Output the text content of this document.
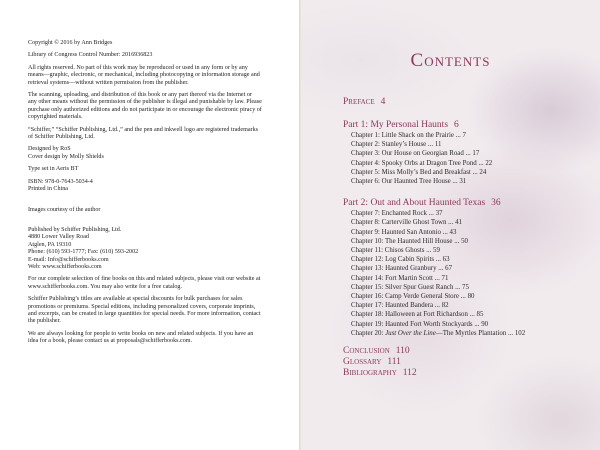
Copyright © 2016 by Ann Bridges

Library of Congress Control Number: 2016936823

All rights reserved. No part of this work may be reproduced or used in any form or by any means—graphic, electronic, or mechanical, including photocopying or information storage and retrieval systems—without written permission from the publisher.

The scanning, uploading, and distribution of this book or any part thereof via the Internet or any other means without the permission of the publisher is illegal and punishable by law. Please purchase only authorized editions and do not participate in or encourage the electronic piracy of copyrighted materials.

“Schiffer,” “Schiffer Publishing, Ltd.,” and the pen and inkwell logo are registered trademarks of Schiffer Publishing, Ltd.

Designed by RoS
Cover design by Molly Shields

Type set in Aeris BT

ISBN: 978-0-7643-5034-4
Printed in China

Images courtesy of the author

Published by Schiffer Publishing, Ltd.
4880 Lower Valley Road
Atglen, PA 19310
Phone: (610) 593-1777; Fax: (610) 593-2002
E-mail: Info@schifferbooks.com
Web: www.schifferbooks.com

For our complete selection of fine books on this and related subjects, please visit our website at www.schifferbooks.com. You may also write for a free catalog.

Schiffer Publishing’s titles are available at special discounts for bulk purchases for sales promotions or premiums. Special editions, including personalized covers, corporate imprints, and excerpts, can be created in large quantities for special needs. For more information, contact the publisher.

We are always looking for people to write books on new and related subjects. If you have an idea for a book, please contact us at proposals@schifferbooks.com.

Contents
Preface 4
Part 1: My Personal Haunts 6
Chapter 1: Little Shack on the Prairie ... 7
Chapter 2: Stanley’s House ... 11
Chapter 3: Our House on Georgian Road ... 17
Chapter 4: Spooky Orbs at Dragon Tree Pond ... 22
Chapter 5: Miss Molly’s Bed and Breakfast ... 24
Chapter 6: Our Haunted Tree House ... 31
Part 2: Out and About Haunted Texas 36
Chapter 7: Enchanted Rock ... 37
Chapter 8: Carterville Ghost Town ... 41
Chapter 9: Haunted San Antonio ... 43
Chapter 10: The Haunted Hill House ... 50
Chapter 11: Chisos Ghosts ... 59
Chapter 12: Log Cabin Spirits ... 63
Chapter 13: Haunted Granbury ... 67
Chapter 14: Fort Martin Scott ... 71
Chapter 15: Silver Spur Guest Ranch ... 75
Chapter 16: Camp Verde General Store ... 80
Chapter 17: Haunted Bandera ... 82
Chapter 18: Halloween at Fort Richardson ... 85
Chapter 19: Haunted Fort Worth Stockyards ... 90
Chapter 20: Just Over the Line—The Myrtles Plantation ... 102
Conclusion 110
Glossary 111
Bibliography 112
